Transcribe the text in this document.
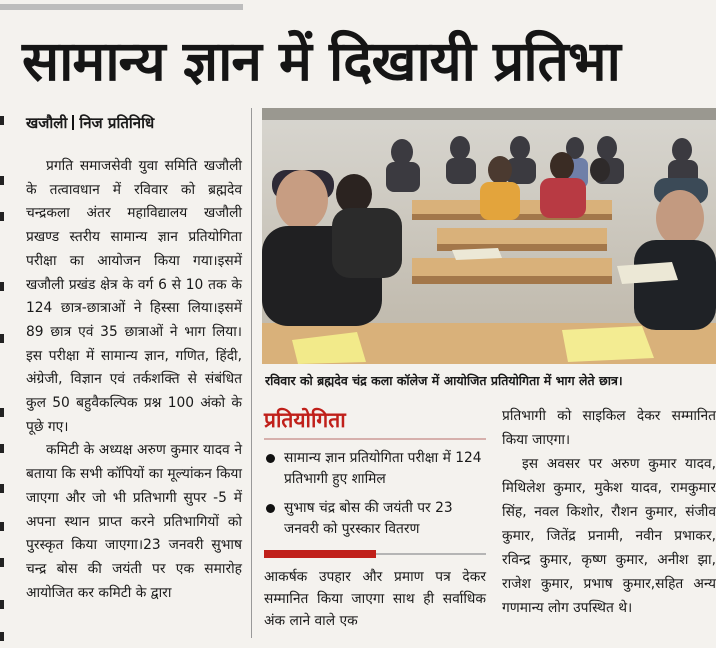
सामान्य ज्ञान में दिखायी प्रतिभा
खजौली निज प्रतिनिधि

प्रगति समाजसेवी युवा समिति खजौली के तत्वावधान में रविवार को ब्रह्मदेव चन्द्रकला अंतर महाविद्यालय खजौली प्रखण्ड स्तरीय सामान्य ज्ञान प्रतियोगिता परीक्षा का आयोजन किया गया।इसमें खजौली प्रखंड क्षेत्र के वर्ग 6 से 10 तक के 124 छात्र-छात्राओं ने हिस्सा लिया।इसमें 89 छात्र एवं 35 छात्राओं ने भाग लिया। इस परीक्षा में सामान्य ज्ञान, गणित, हिंदी, अंग्रेजी, विज्ञान एवं तर्कशक्ति से संबंधित कुल 50 बहुवैकल्पिक प्रश्न 100 अंको के पूछे गए।

कमिटी के अध्यक्ष अरुण कुमार यादव ने बताया कि सभी कॉपियों का मूल्यांकन किया जाएगा और जो भी प्रतिभागी सुपर -5 में अपना स्थान प्राप्त करने प्रतिभागियों को पुरस्कृत किया जाएगा।23 जनवरी सुभाष चन्द्र बोस की जयंती पर एक समारोह आयोजित कर कमिटी के द्वारा

रविवार को ब्रह्मदेव चंद्र कला कॉलेज में आयोजित प्रतियोगिता में भाग लेते छात्र।
प्रतियोगिता
सामान्य ज्ञान प्रतियोगिता परीक्षा में 124 प्रतिभागी हुए शामिल
सुभाष चंद्र बोस की जयंती पर 23 जनवरी को पुरस्कार वितरण

आकर्षक उपहार और प्रमाण पत्र देकर सम्मानित किया जाएगा साथ ही सर्वाधिक अंक लाने वाले एक

प्रतिभागी को साइकिल देकर सम्मानित किया जाएगा।

इस अवसर पर अरुण कुमार यादव, मिथिलेश कुमार, मुकेश यादव, रामकुमार सिंह, नवल किशोर, रौशन कुमार, संजीव कुमार, जितेंद्र प्रनामी, नवीन प्रभाकर, रविन्द्र कुमार, कृष्ण कुमार, अनीश झा, राजेश कुमार, प्रभाष कुमार,सहित अन्य गणमान्य लोग उपस्थित थे।
